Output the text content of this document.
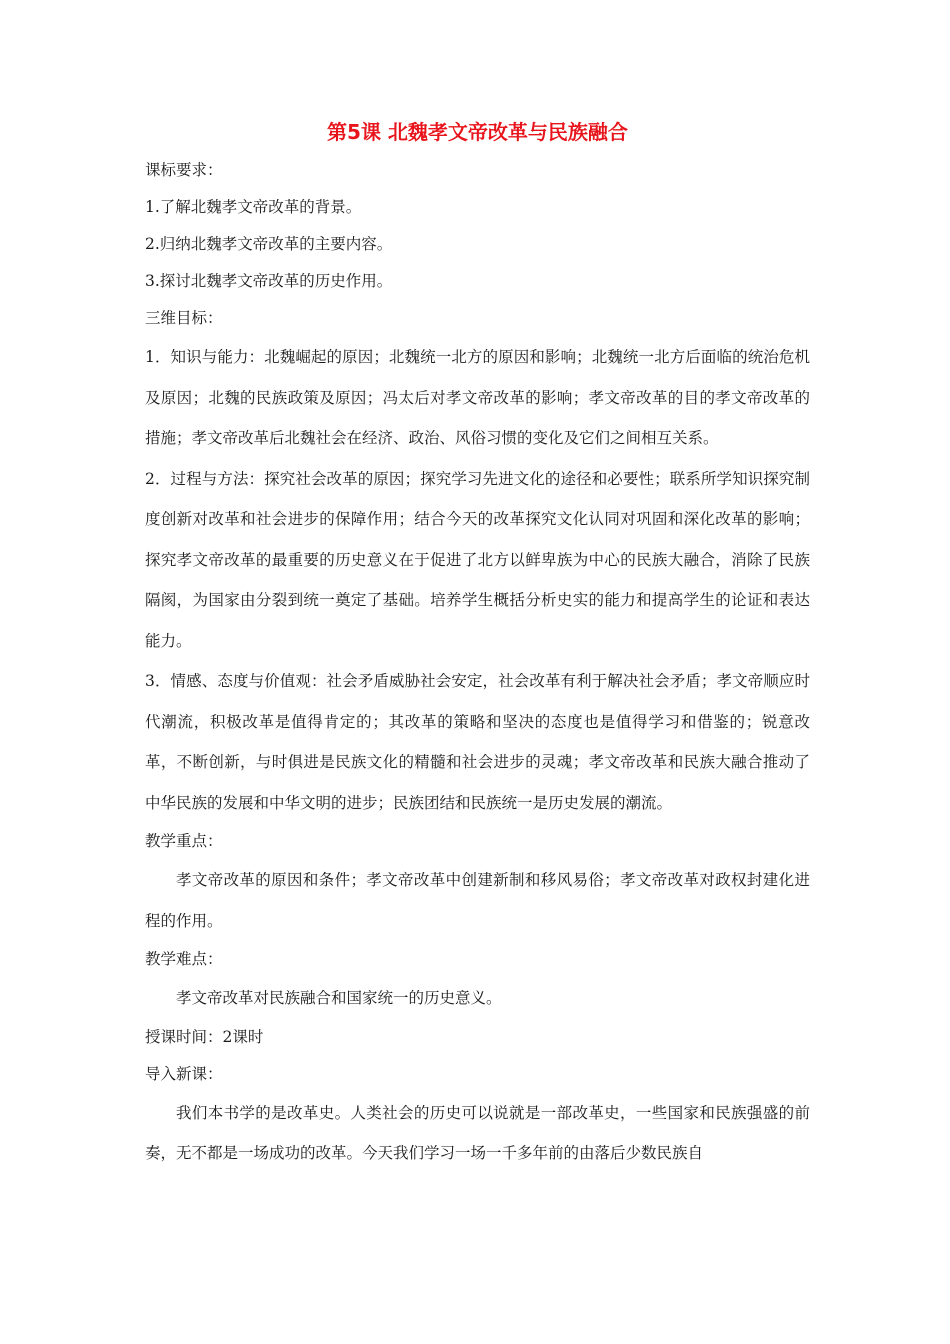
第5课 北魏孝文帝改革与民族融合

课标要求：

1.了解北魏孝文帝改革的背景。

2.归纳北魏孝文帝改革的主要内容。

3.探讨北魏孝文帝改革的历史作用。

三维目标：

1．知识与能力：北魏崛起的原因；北魏统一北方的原因和影响；北魏统一北方后面临的统治危机及原因；北魏的民族政策及原因；冯太后对孝文帝改革的影响；孝文帝改革的目的孝文帝改革的措施；孝文帝改革后北魏社会在经济、政治、风俗习惯的变化及它们之间相互关系。

2．过程与方法：探究社会改革的原因；探究学习先进文化的途径和必要性；联系所学知识探究制度创新对改革和社会进步的保障作用；结合今天的改革探究文化认同对巩固和深化改革的影响；探究孝文帝改革的最重要的历史意义在于促进了北方以鲜卑族为中心的民族大融合，消除了民族隔阂，为国家由分裂到统一奠定了基础。培养学生概括分析史实的能力和提高学生的论证和表达能力。

3．情感、态度与价值观：社会矛盾威胁社会安定，社会改革有利于解决社会矛盾；孝文帝顺应时代潮流，积极改革是值得肯定的；其改革的策略和坚决的态度也是值得学习和借鉴的；锐意改革，不断创新，与时俱进是民族文化的精髓和社会进步的灵魂；孝文帝改革和民族大融合推动了中华民族的发展和中华文明的进步；民族团结和民族统一是历史发展的潮流。

教学重点：

孝文帝改革的原因和条件；孝文帝改革中创建新制和移风易俗；孝文帝改革对政权封建化进程的作用。

教学难点：

孝文帝改革对民族融合和国家统一的历史意义。

授课时间：2课时

导入新课：

我们本书学的是改革史。人类社会的历史可以说就是一部改革史，一些国家和民族强盛的前奏，无不都是一场成功的改革。今天我们学习一场一千多年前的由落后少数民族自
